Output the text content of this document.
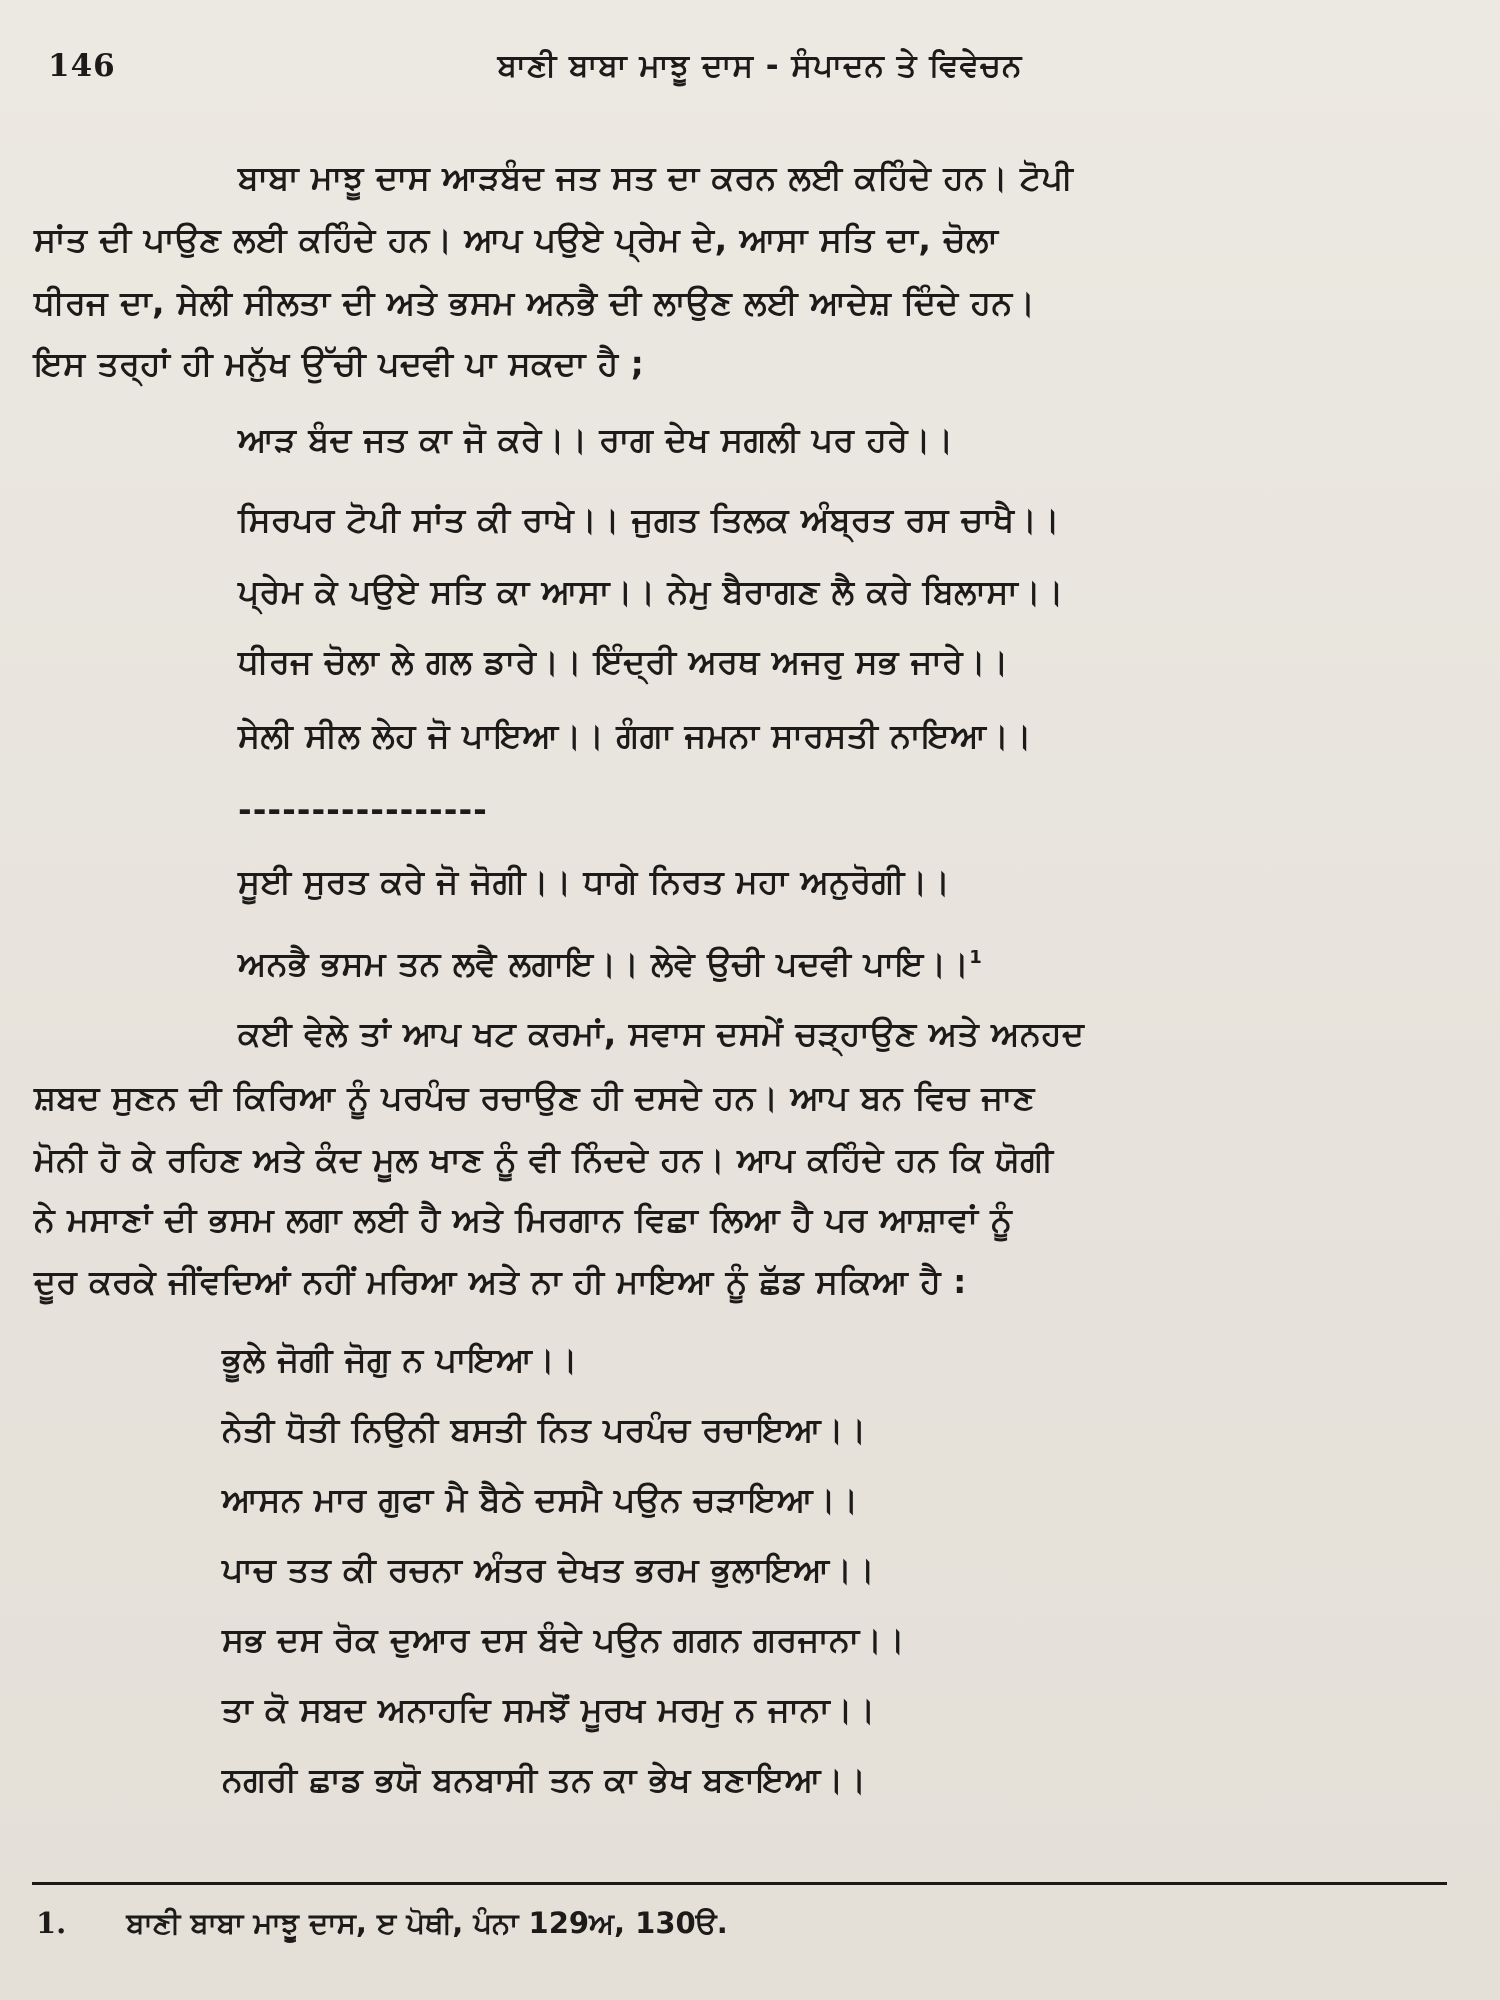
146	ਬਾਣੀ ਬਾਬਾ ਮਾਝੂ ਦਾਸ - ਸੰਪਾਦਨ ਤੇ ਵਿਵੇਚਨ
ਬਾਬਾ ਮਾਝੂ ਦਾਸ ਆੜਬੰਦ ਜਤ ਸਤ ਦਾ ਕਰਨ ਲਈ ਕਹਿੰਦੇ ਹਨ। ਟੋਪੀ
ਸਾਂਤ ਦੀ ਪਾਉਣ ਲਈ ਕਹਿੰਦੇ ਹਨ। ਆਪ ਪਉਏ ਪ੍ਰੇਮ ਦੇ, ਆਸਾ ਸਤਿ ਦਾ, ਚੋਲਾ
ਧੀਰਜ ਦਾ, ਸੇਲੀ ਸੀਲਤਾ ਦੀ ਅਤੇ ਭਸਮ ਅਨਭੈ ਦੀ ਲਾਉਣ ਲਈ ਆਦੇਸ਼ ਦਿੰਦੇ ਹਨ।
ਇਸ ਤਰ੍ਹਾਂ ਹੀ ਮਨੁੱਖ ਉੱਚੀ ਪਦਵੀ ਪਾ ਸਕਦਾ ਹੈ ;
ਆੜ ਬੰਦ ਜਤ ਕਾ ਜੋ ਕਰੇ।। ਰਾਗ ਦੇਖ ਸਗਲੀ ਪਰ ਹਰੇ।।
ਸਿਰਪਰ ਟੋਪੀ ਸਾਂਤ ਕੀ ਰਾਖੇ।। ਜੁਗਤ ਤਿਲਕ ਅੰਬ੍ਰਤ ਰਸ ਚਾਖੈ।।
ਪ੍ਰੇਮ ਕੇ ਪਉਏ ਸਤਿ ਕਾ ਆਸਾ।। ਨੇਮੁ ਬੈਰਾਗਣ ਲੈ ਕਰੇ ਬਿਲਾਸਾ।।
ਧੀਰਜ ਚੋਲਾ ਲੇ ਗਲ ਡਾਰੇ।। ਇੰਦ੍ਰੀ ਅਰਥ ਅਜਰੁ ਸਭ ਜਾਰੇ।।
ਸੇਲੀ ਸੀਲ ਲੇਹ ਜੋ ਪਾਇਆ।। ਗੰਗਾ ਜਮਨਾ ਸਾਰਸਤੀ ਨਾਇਆ।।
-----------------
ਸੂਈ ਸੁਰਤ ਕਰੇ ਜੋ ਜੋਗੀ।। ਧਾਗੇ ਨਿਰਤ ਮਹਾ ਅਨੁਰੋਗੀ।।
ਅਨਭੈ ਭਸਮ ਤਨ ਲਵੈ ਲਗਾਇ।। ਲੇਵੇ ਉਚੀ ਪਦਵੀ ਪਾਇ।।$^1$
ਕਈ ਵੇਲੇ ਤਾਂ ਆਪ ਖਟ ਕਰਮਾਂ, ਸਵਾਸ ਦਸਮੇਂ ਚੜ੍ਹਾਉਣ ਅਤੇ ਅਨਹਦ
ਸ਼ਬਦ ਸੁਣਨ ਦੀ ਕਿਰਿਆ ਨੂੰ ਪਰਪੰਚ ਰਚਾਉਣ ਹੀ ਦਸਦੇ ਹਨ। ਆਪ ਬਨ ਵਿਚ ਜਾਣ
ਮੋਨੀ ਹੋ ਕੇ ਰਹਿਣ ਅਤੇ ਕੰਦ ਮੂਲ ਖਾਣ ਨੂੰ ਵੀ ਨਿੰਦਦੇ ਹਨ। ਆਪ ਕਹਿੰਦੇ ਹਨ ਕਿ ਯੋਗੀ
ਨੇ ਮਸਾਣਾਂ ਦੀ ਭਸਮ ਲਗਾ ਲਈ ਹੈ ਅਤੇ ਮਿਰਗਾਨ ਵਿਛਾ ਲਿਆ ਹੈ ਪਰ ਆਸ਼ਾਵਾਂ ਨੂੰ
ਦੂਰ ਕਰਕੇ ਜੀਂਵਦਿਆਂ ਨਹੀਂ ਮਰਿਆ ਅਤੇ ਨਾ ਹੀ ਮਾਇਆ ਨੂੰ ਛੱਡ ਸਕਿਆ ਹੈ :
ਭੂਲੇ ਜੋਗੀ ਜੋਗੁ ਨ ਪਾਇਆ।।
ਨੇਤੀ ਧੋਤੀ ਨਿਉਨੀ ਬਸਤੀ ਨਿਤ ਪਰਪੰਚ ਰਚਾਇਆ।।
ਆਸਨ ਮਾਰ ਗੁਫਾ ਮੈ ਬੈਠੇ ਦਸਮੈ ਪਉਨ ਚੜਾਇਆ।।
ਪਾਚ ਤਤ ਕੀ ਰਚਨਾ ਅੰਤਰ ਦੇਖਤ ਭਰਮ ਭੁਲਾਇਆ।।
ਸਭ ਦਸ ਰੋਕ ਦੁਆਰ ਦਸ ਬੰਦੇ ਪਉਨ ਗਗਨ ਗਰਜਾਨਾ।।
ਤਾ ਕੋ ਸਬਦ ਅਨਾਹਦਿ ਸਮਝੋਂ ਮੂਰਖ ਮਰਮੁ ਨ ਜਾਨਾ।।
ਨਗਰੀ ਛਾਡ ਭਯੋ ਬਨਬਾਸੀ ਤਨ ਕਾ ਭੇਖ ਬਣਾਇਆ।।
1. ਬਾਣੀ ਬਾਬਾ ਮਾਝੂ ਦਾਸ, ੲ ਪੋਥੀ, ਪੰਨਾ 129ਅ, 130ੳ.
